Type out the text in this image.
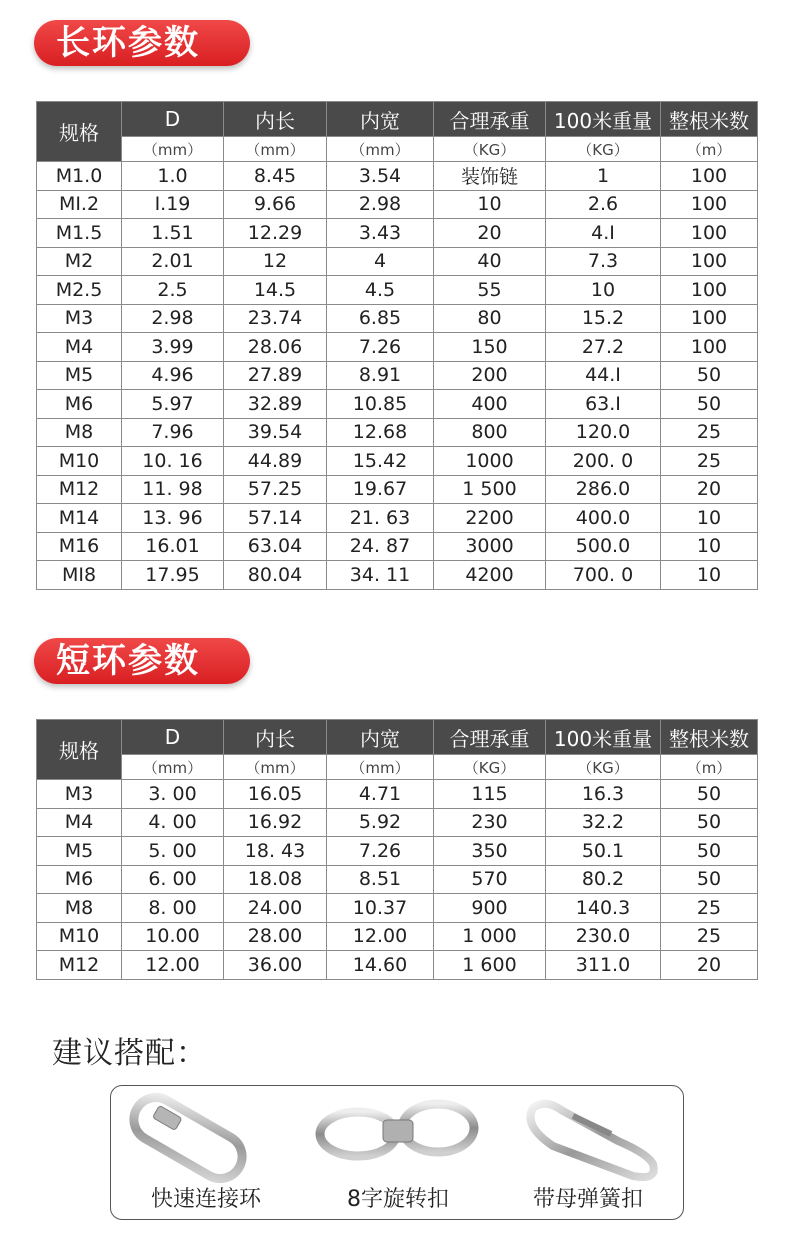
长环参数
规格	D	内长	内宽	合理承重	100米重量	整根米数
	（mm）	（mm）	（mm）	（KG）	（KG）	（m）
M1.0	1.0	8.45	3.54	装饰链	1	100
MI.2	I.19	9.66	2.98	10	2.6	100
M1.5	1.51	12.29	3.43	20	4.I	100
M2	2.01	12	4	40	7.3	100
M2.5	2.5	14.5	4.5	55	10	100
M3	2.98	23.74	6.85	80	15.2	100
M4	3.99	28.06	7.26	150	27.2	100
M5	4.96	27.89	8.91	200	44.I	50
M6	5.97	32.89	10.85	400	63.I	50
M8	7.96	39.54	12.68	800	120.0	25
M10	10. 16	44.89	15.42	1000	200. 0	25
M12	11. 98	57.25	19.67	1 500	286.0	20
M14	13. 96	57.14	21. 63	2200	400.0	10
M16	16.01	63.04	24. 87	3000	500.0	10
MI8	17.95	80.04	34. 11	4200	700. 0	10
短环参数
规格	D	内长	内宽	合理承重	100米重量	整根米数
	（mm）	（mm）	（mm）	（KG）	（KG）	（m）
M3	3. 00	16.05	4.71	115	16.3	50
M4	4. 00	16.92	5.92	230	32.2	50
M5	5. 00	18. 43	7.26	350	50.1	50
M6	6. 00	18.08	8.51	570	80.2	50
M8	8. 00	24.00	10.37	900	140.3	25
M10	10.00	28.00	12.00	1 000	230.0	25
M12	12.00	36.00	14.60	1 600	311.0	20
建议搭配：
快速连接环	8字旋转扣	带母弹簧扣
